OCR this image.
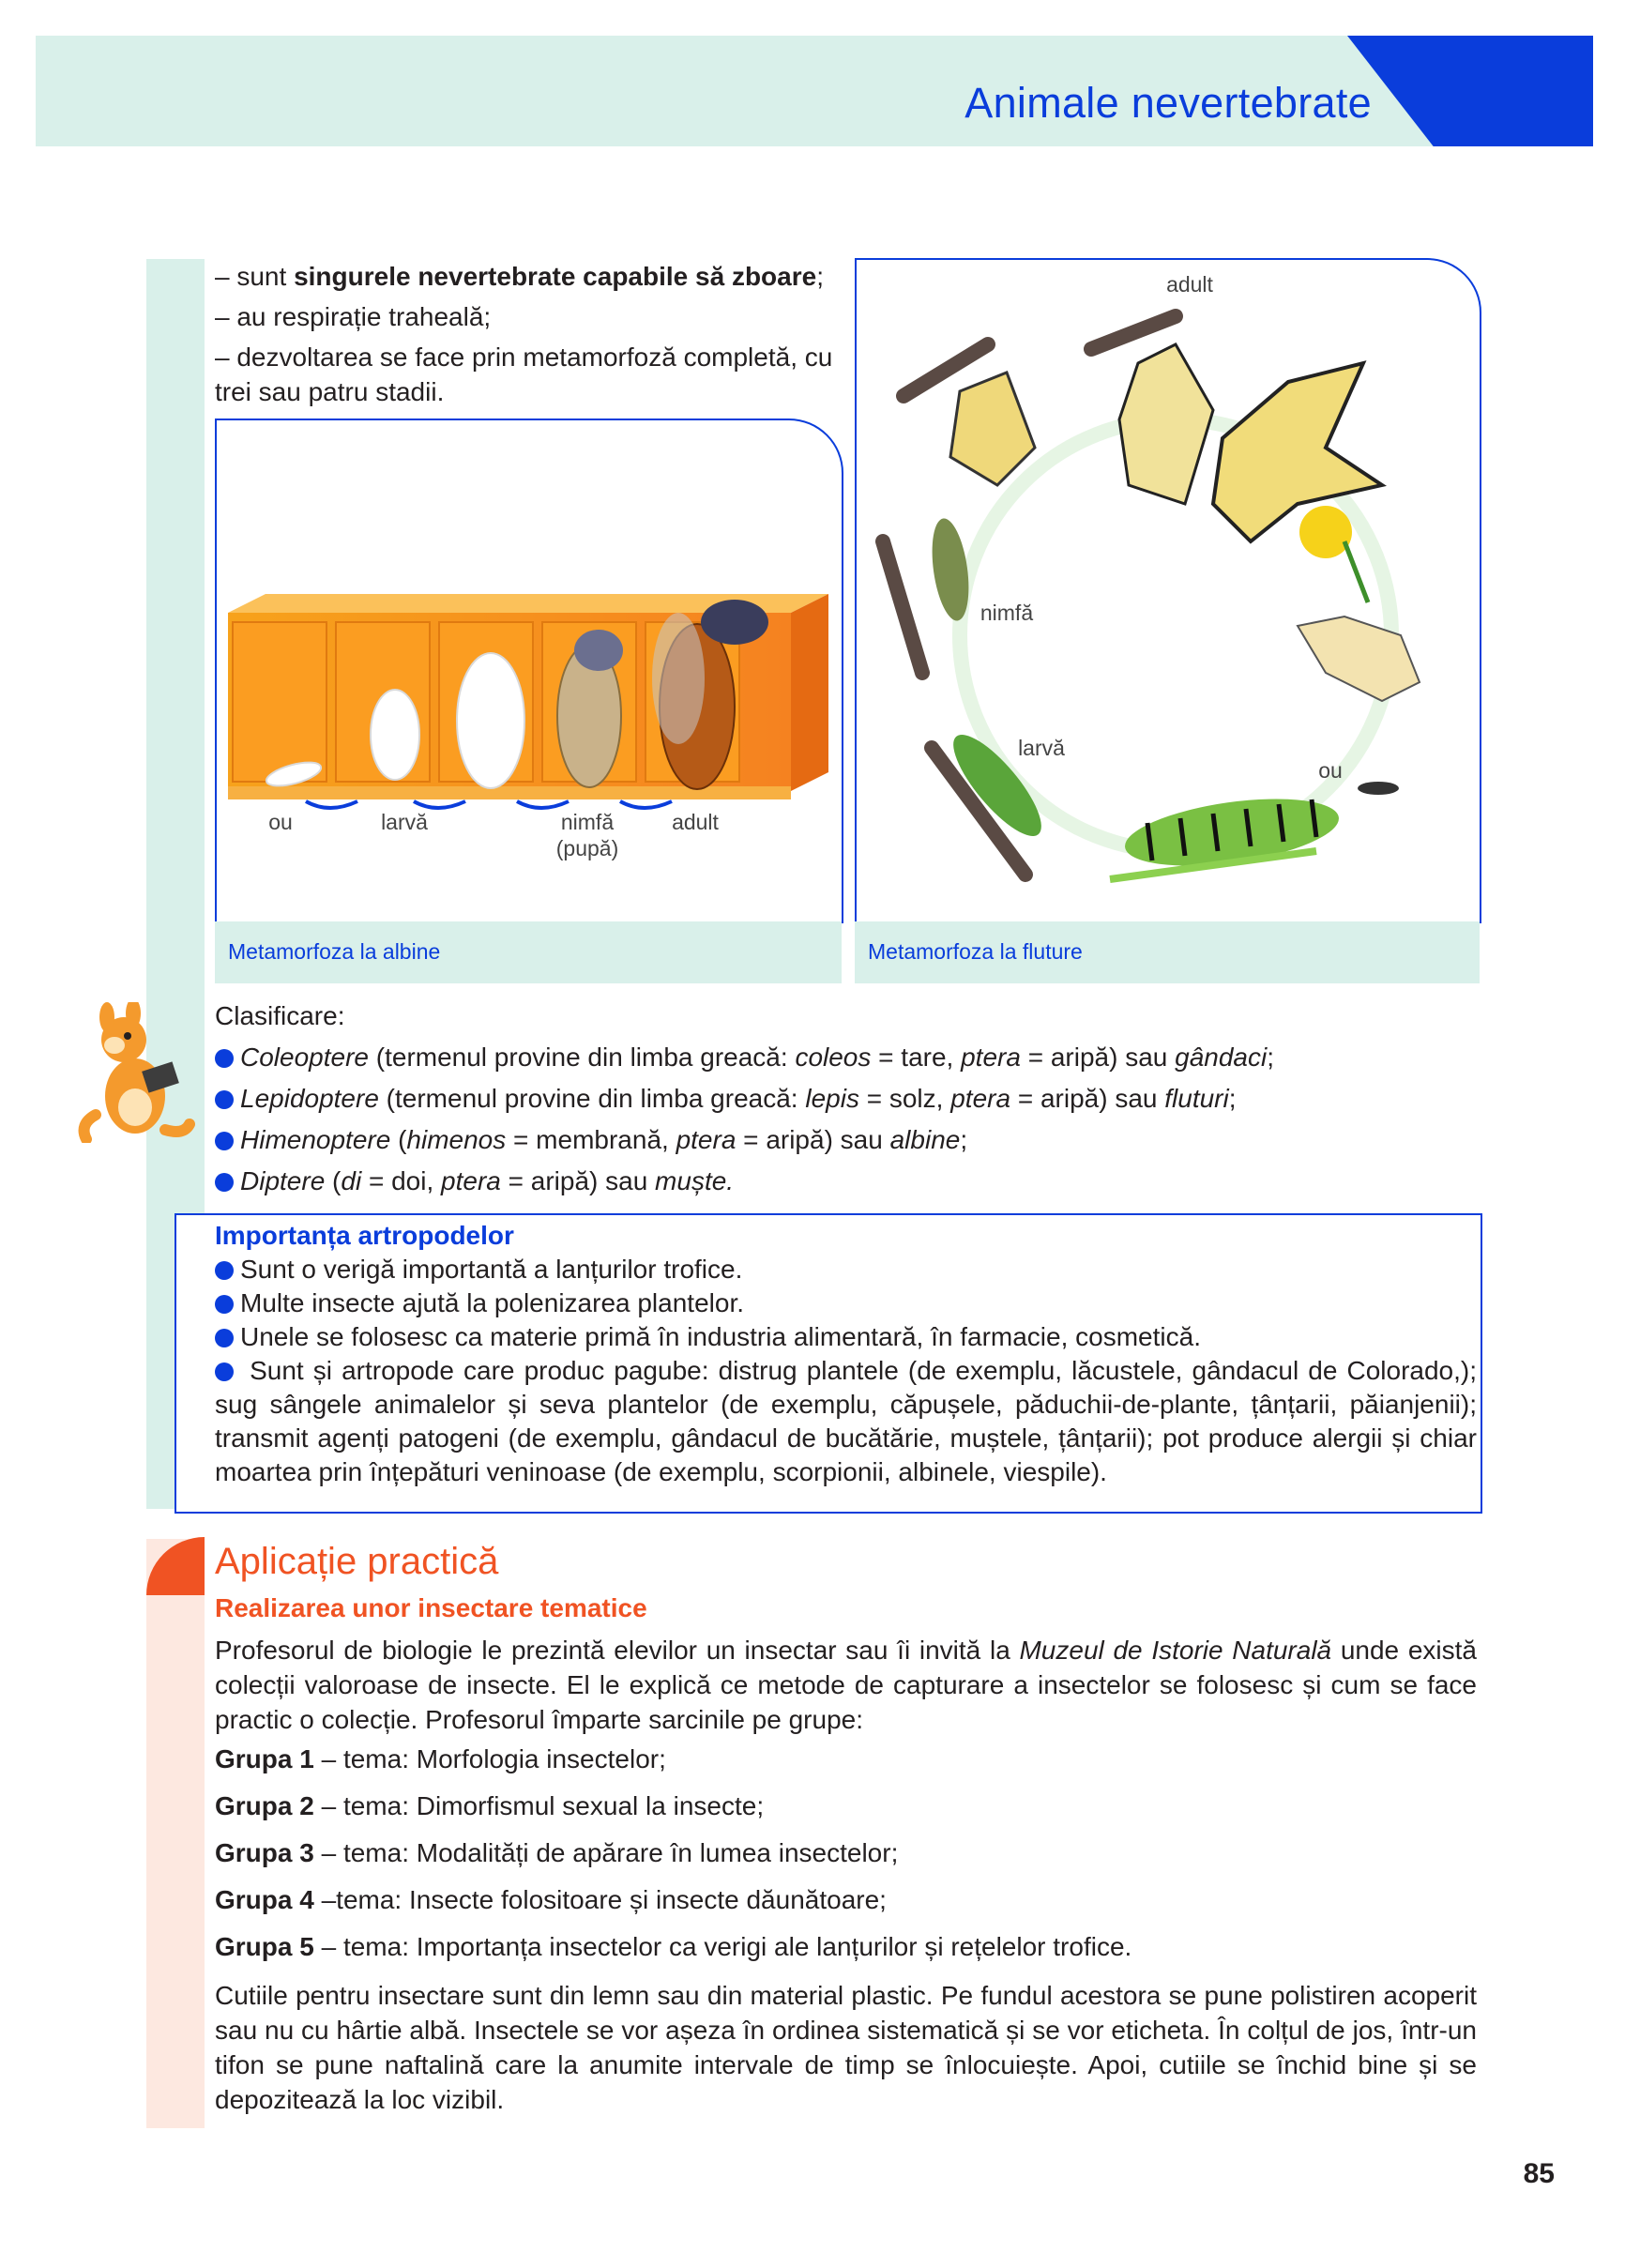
Animale nevertebrate
– sunt singurele nevertebrate capabile să zboare;
– au respirație traheală;
– dezvoltarea se face prin metamorfoză completă, cu trei sau patru stadii.
ou	larvă	nimfă
(pupă)
adult
Metamorfoza la albine
adult
nimfă
larvă
ou
Metamorfoza la fluture
Clasificare:
Coleoptere (termenul provine din limba greacă: coleos = tare, ptera = aripă) sau gândaci;
Lepidoptere (termenul provine din limba greacă: lepis = solz, ptera = aripă) sau fluturi;
Himenoptere (himenos = membrană, ptera = aripă) sau albine;
Diptere (di = doi, ptera = aripă) sau muște.
Importanța artropodelor
Sunt o verigă importantă a lanțurilor trofice.
Multe insecte ajută la polenizarea plantelor.
Unele se folosesc ca materie primă în industria alimentară, în farmacie, cosmetică.
Sunt și artropode care produc pagube: distrug plantele (de exemplu, lăcustele, gândacul de Colorado,); sug sângele animalelor și seva plantelor (de exemplu, căpușele, păduchii-de-plante, țânțarii, păianjenii); transmit agenți patogeni (de exemplu, gândacul de bucătărie, muștele, țânțarii); pot produce alergii și chiar moartea prin înțepături veninoase (de exemplu, scorpionii, albinele, viespile).
Aplicație practică
Realizarea unor insectare tematice
Profesorul de biologie le prezintă elevilor un insectar sau îi invită la Muzeul de Istorie Naturală unde există colecții valoroase de insecte. El le explică ce metode de capturare a insectelor se folosesc și cum se face practic o colecție. Profesorul împarte sarcinile pe grupe:
Grupa 1 – tema: Morfologia insectelor;
Grupa 2 – tema: Dimorfismul sexual la insecte;
Grupa 3 – tema: Modalități de apărare în lumea insectelor;
Grupa 4 –tema: Insecte folositoare și insecte dăunătoare;
Grupa 5 – tema: Importanța insectelor ca verigi ale lanțurilor și rețelelor trofice.
Cutiile pentru insectare sunt din lemn sau din material plastic. Pe fundul acestora se pune polistiren acoperit sau nu cu hârtie albă. Insectele se vor așeza în ordinea sistematică și se vor eticheta. În colțul de jos, într-un tifon se pune naftalină care la anumite intervale de timp se înlocuiește. Apoi, cutiile se închid bine și se depozitează la loc vizibil.
85
